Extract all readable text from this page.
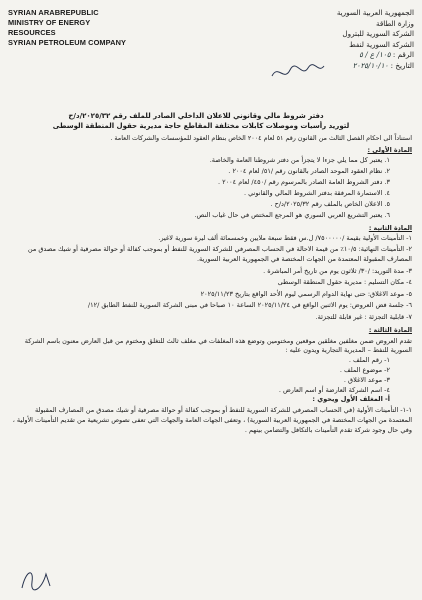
SYRIAN ARABREPUBLIC
MINISTRY OF ENERGY
RESOURCES
SYRIAN PETROLEUM COMPANY
الجمهورية العربية السورية
وزارة الطاقة
الشركة السورية للبترول
الشركة السورية لنفط
الرقم : ١٠٥/ ع / ٥
التاريخ : ٢٠٢٥/١٠/١٠

دفتر شروط مالي وقانوني للاعلان الداخلي الصادر للملف رقم ٢٠٢٥/٣٢/د/ح

لتوريد رأسيات وموصلات كابلات مختلفة المقاطع حاجة مديرية حقول المنطقة الوسطى

استناداً الى احكام الفصل الثالث من القانون رقم ٥١ لعام ٢٠٠٤ الخاص بنظام العقود للمؤسسات والشركات العامة .

المادة الأولى :

١. يعتبر كل مما يلي جزءا لا يتجزأ من دفتر شروطنا العامة والخاصة.

٢. نظام العقود الموحد الصادر بالقانون رقم /٥١/ لعام ٢٠٠٤ .

٣. دفتر الشروط العامة الصادر بالمرسوم رقم /٤٥٠/ لعام ٢٠٠٤ .

٤. الاستمارة المرفقة بدفتر الشروط المالي والقانوني .

٥. الاعلان الخاص بالملف رقم ٢٠٢٥/٣٢/د/ح .

٦. يعتبر التشريع العربي السوري هو المرجع المختص في حال غياب النص.

المادة الثانية :

١- التأمينات الأولية بقيمة /٧٥٠٠٠٠٠/ ل.س فقط سبعة ملايين وخمسمائة ألف ليرة سورية لاغير.

٢- التأمينات النهائية: ١٠/٥٪ من قيمة الاحالة في الحساب المصرفي للشركة السورية للنفط أو بموجب كفالة أو حوالة مصرفية أو شيك مصدق من المصارف المقبولة المعتمدة من الجهات المختصة في الجمهورية العربية السورية.

٣- مدة التوريد: /٣٠/ ثلاثون يوم من تاريخ أمر المباشرة .

٤- مكان التسليم : مديرية حقول المنطقة الوسطى

٥- موعد الاغلاق: حتى نهاية الدوام الرسمي ليوم الأحد الواقع بتاريخ ٢٠٢٥/١١/٢٣

٦- جلسة فض العروض: يوم الاثنين الواقع في ٢٠٢٥/١١/٢٤ الساعة ١٠ صباحا في مبنى الشركة السورية للنفط الطابق /١٢/

٧- قابلية التجزئة : غير قابلة للتجزئة.

المادة الثالثة :

تقدم العروض ضمن مغلفين مغلقين موقعين ومختومين وتوضع هذه المغلفات في مغلف ثالث للتغلق ومختوم من قبل العارض معنون باسم الشركة السورية للنفط – المديرية التجارية ويدون عليه :

١- رقم الملف .

٢- موضوع الملف .

٣- موعد الاغلاق .

٤- اسم الشركة العارضة أو اسم العارض .

أ- المغلف الأول ويحوي :

١-١- التأمينات الأولية (في الحساب المصرفي للشركة السورية للنفط أو بموجب كفالة أو حوالة مصرفية أو شيك مصدق من المصارف المقبولة المعتمدة من الجهات المختصة في الجمهورية العربية السورية) ، وتعفى الجهات العامة والجهات التي تعفى نصوص تشريعية من تقديم التأمينات الأولية ، وفي حال وجود شركة تقدم التأمينات بالتكافل والتضامن بينهم .
